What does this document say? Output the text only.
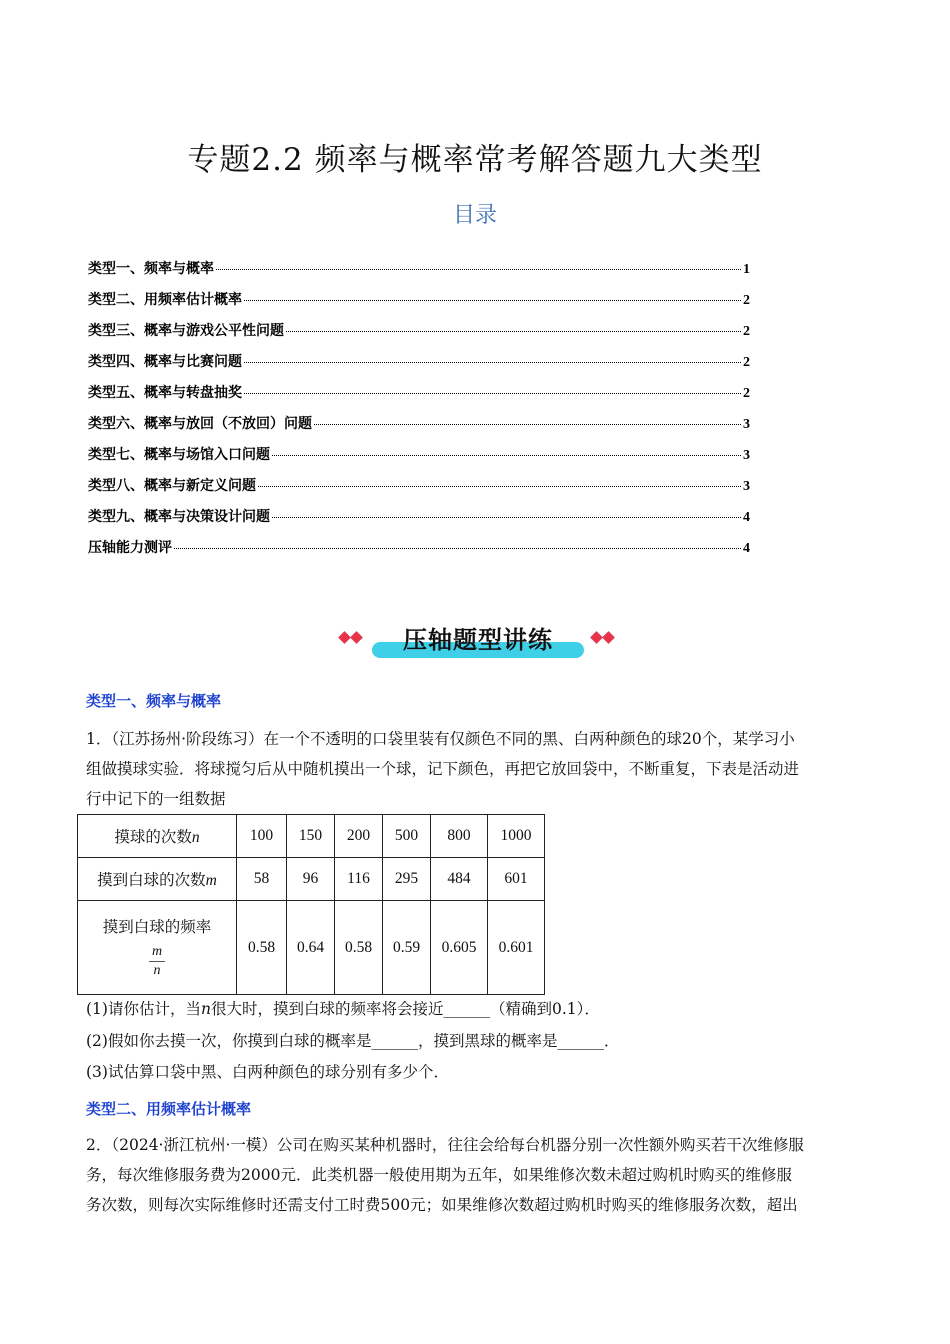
专题2.2 频率与概率常考解答题九大类型
目录
类型一、频率与概率	1
类型二、用频率估计概率	2
类型三、概率与游戏公平性问题	2
类型四、概率与比赛问题	2
类型五、概率与转盘抽奖	2
类型六、概率与放回（不放回）问题	3
类型七、概率与场馆入口问题	3
类型八、概率与新定义问题	3
类型九、概率与决策设计问题	4
压轴能力测评	4
压轴题型讲练
类型一、频率与概率
1．（江苏扬州·阶段练习）在一个不透明的口袋里装有仅颜色不同的黑、白两种颜色的球20个，某学习小
组做摸球实验．将球搅匀后从中随机摸出一个球，记下颜色，再把它放回袋中，不断重复，下表是活动进
行中记下的一组数据
摸球的次数n	100	150	200	500	800	1000
摸到白球的次数m	58	96	116	295	484	601

摸到白球的频率
$\frac{m}{n}$	0.58	0.64	0.58	0.59	0.605	0.601
(1)请你估计，当n很大时，摸到白球的频率将会接近______（精确到0.1）．
(2)假如你去摸一次，你摸到白球的概率是______，摸到黑球的概率是______．
(3)试估算口袋中黑、白两种颜色的球分别有多少个．
类型二、用频率估计概率
2．（2024·浙江杭州·一模）公司在购买某种机器时，往往会给每台机器分别一次性额外购买若干次维修服
务，每次维修服务费为2000元．此类机器一般使用期为五年，如果维修次数未超过购机时购买的维修服
务次数，则每次实际维修时还需支付工时费500元；如果维修次数超过购机时购买的维修服务次数，超出
